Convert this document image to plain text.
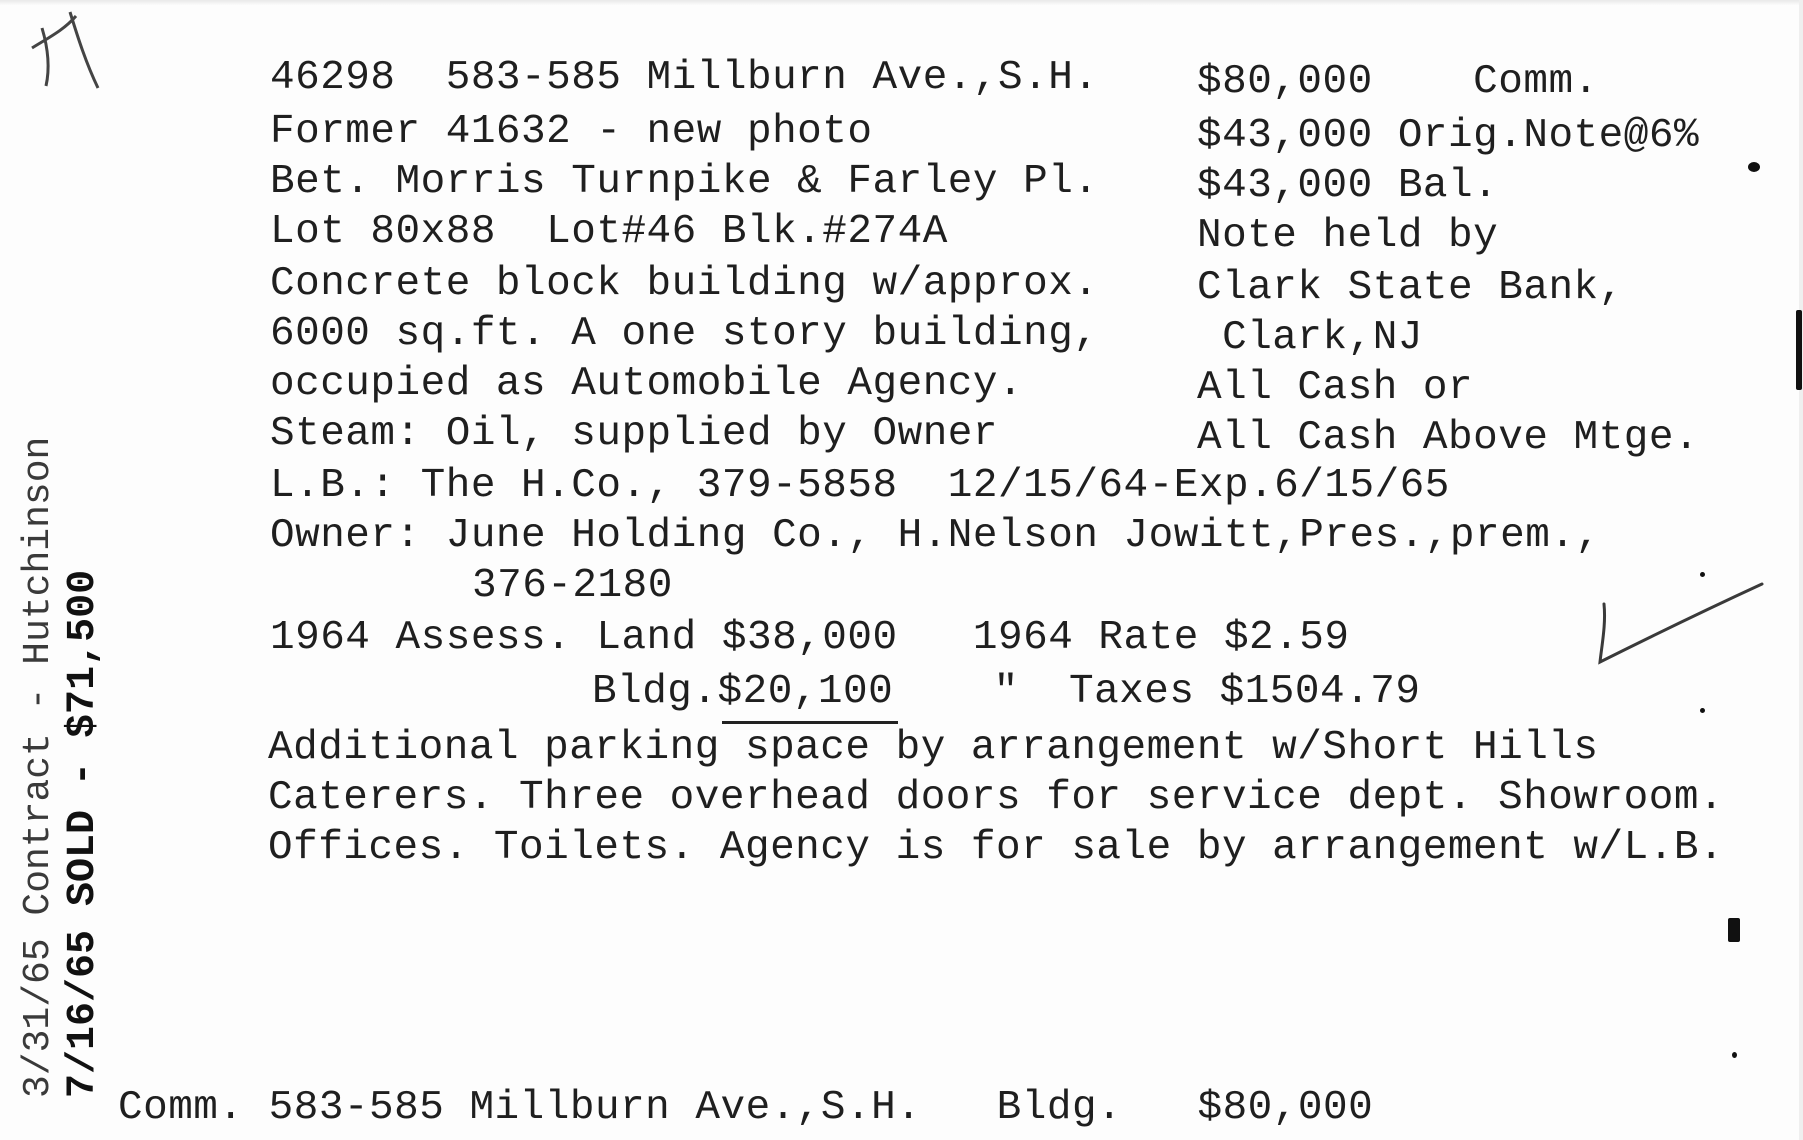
46298  583-585 Millburn Ave.,S.H. $80,000    Comm.
Former 41632 - new photo	$43,000 Orig.Note@6%
Bet. Morris Turnpike & Farley Pl. $43,000 Bal.
Lot 80x88  Lot#46 Blk.#274A	Note held by
Concrete block building w/approx. Clark State Bank,
6000 sq.ft. A one story building, Clark,NJ
occupied as Automobile Agency.	All Cash or
Steam: Oil, supplied by Owner	All Cash Above Mtge.
L.B.: The H.Co., 379-5858  12/15/64-Exp.6/15/65
Owner: June Holding Co., H.Nelson Jowitt,Pres.,prem.,
376-2180
1964 Assess. Land $38,000   1964 Rate $2.59
Bldg.$20,100    "  Taxes $1504.79
Additional parking space by arrangement w/Short Hills
Caterers. Three overhead doors for service dept. Showroom.
Offices. Toilets. Agency is for sale by arrangement w/L.B.
Comm. 583-585 Millburn Ave.,S.H.   Bldg.   $80,000
3/31/65 Contract - Hutchinson 7/16/65 SOLD - $71,500
